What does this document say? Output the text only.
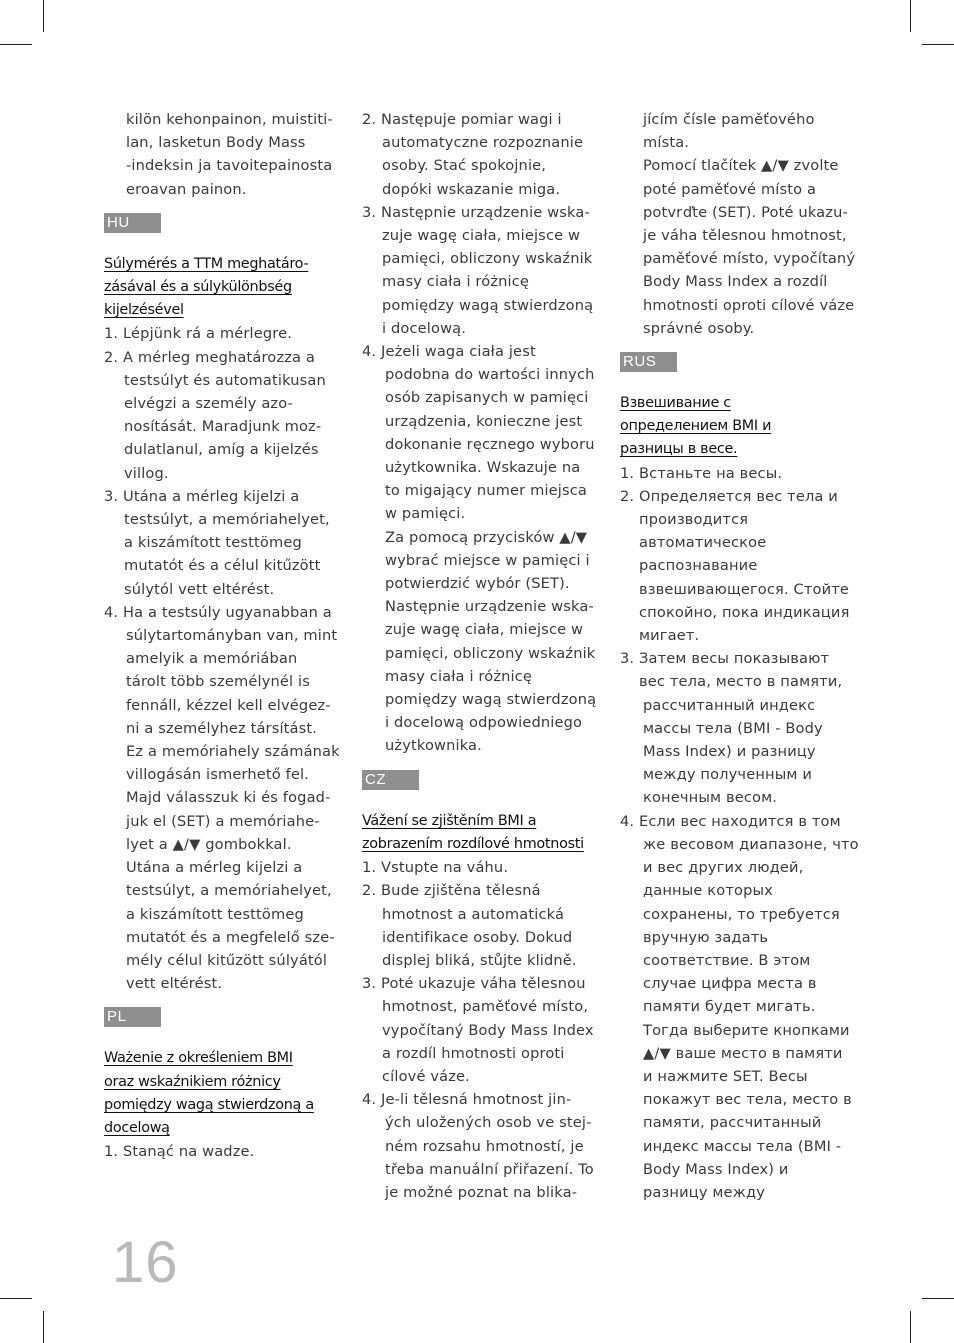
kilön kehonpainon, muistiti-
lan, lasketun Body Mass
-indeksin ja tavoitepainosta
eroavan painon.
HU
Súlymérés a TTM meghatáro-
zásával és a súlykülönbség
kijelzésével
1. Lépjünk rá a mérlegre.
2. A mérleg meghatározza a
testsúlyt és automatikusan
elvégzi a személy azo-
nosítását. Maradjunk moz-
dulatlanul, amíg a kijelzés
villog.
3. Utána a mérleg kijelzi a
testsúlyt, a memóriahelyet,
a kiszámított testtömeg
mutatót és a célul kitűzött
súlytól vett eltérést.
4. Ha a testsúly ugyanabban a
súlytartományban van, mint
amelyik a memóriában
tárolt több személynél is
fennáll, kézzel kell elvégez-
ni a személyhez társítást.
Ez a memóriahely számának
villogásán ismerhető fel.
Majd válasszuk ki és fogad-
juk el (SET) a memóriahe-
lyet a ▲/▼ gombokkal.
Utána a mérleg kijelzi a
testsúlyt, a memóriahelyet,
a kiszámított testtömeg
mutatót és a megfelelő sze-
mély célul kitűzött súlyától
vett eltérést.
PL
Ważenie z określeniem BMI
oraz wskaźnikiem różnicy
pomiędzy wagą stwierdzoną a
docelową
1. Stanąć na wadze.
2. Następuje pomiar wagi i
automatyczne rozpoznanie
osoby. Stać spokojnie,
dopóki wskazanie miga.
3. Następnie urządzenie wska-
zuje wagę ciała, miejsce w
pamięci, obliczony wskaźnik
masy ciała i różnicę
pomiędzy wagą stwierdzoną
i docelową.
4. Jeżeli waga ciała jest
podobna do wartości innych
osób zapisanych w pamięci
urządzenia, konieczne jest
dokonanie ręcznego wyboru
użytkownika. Wskazuje na
to migający numer miejsca
w pamięci.
Za pomocą przycisków ▲/▼
wybrać miejsce w pamięci i
potwierdzić wybór (SET).
Następnie urządzenie wska-
zuje wagę ciała, miejsce w
pamięci, obliczony wskaźnik
masy ciała i różnicę
pomiędzy wagą stwierdzoną
i docelową odpowiedniego
użytkownika.
CZ
Vážení se zjištěním BMI a
zobrazením rozdílové hmotnosti
1. Vstupte na váhu.
2. Bude zjištěna tělesná
hmotnost a automatická
identifikace osoby. Dokud
displej bliká, stůjte klidně.
3. Poté ukazuje váha tělesnou
hmotnost, paměťové místo,
vypočítaný Body Mass Index
a rozdíl hmotnosti oproti
cílové váze.
4. Je-li tělesná hmotnost jin-
ých uložených osob ve stej-
ném rozsahu hmotností, je
třeba manuální přiřazení. To
je možné poznat na blika-
jícím čísle paměťového
místa.
Pomocí tlačítek ▲/▼ zvolte
poté paměťové místo a
potvrďte (SET). Poté ukazu-
je váha tělesnou hmotnost,
paměťové místo, vypočítaný
Body Mass Index a rozdíl
hmotnosti oproti cílové váze
správné osoby.
RUS
Взвешивание с
определением BMI и
разницы в весе.
1. Встаньте на весы.
2. Определяется вес тела и
производится
автоматическое
распознавание
взвешивающегося. Стойте
спокойно, пока индикация
мигает.
3. Затем весы показывают
вес тела, место в памяти,
рассчитанный индекс
массы тела (BMI - Body
Mass Index) и разницу
между полученным и
конечным весом.
4. Если вес находится в том
же весовом диапазоне, что
и вес других людей,
данные которых
сохранены, то требуется
вручную задать
соответствие. В этом
случае цифра места в
памяти будет мигать.
Тогда выберите кнопками
▲/▼ ваше место в памяти
и нажмите SET. Весы
покажут вес тела, место в
памяти, рассчитанный
индекс массы тела (BMI -
Body Mass Index) и
разницу между
16
